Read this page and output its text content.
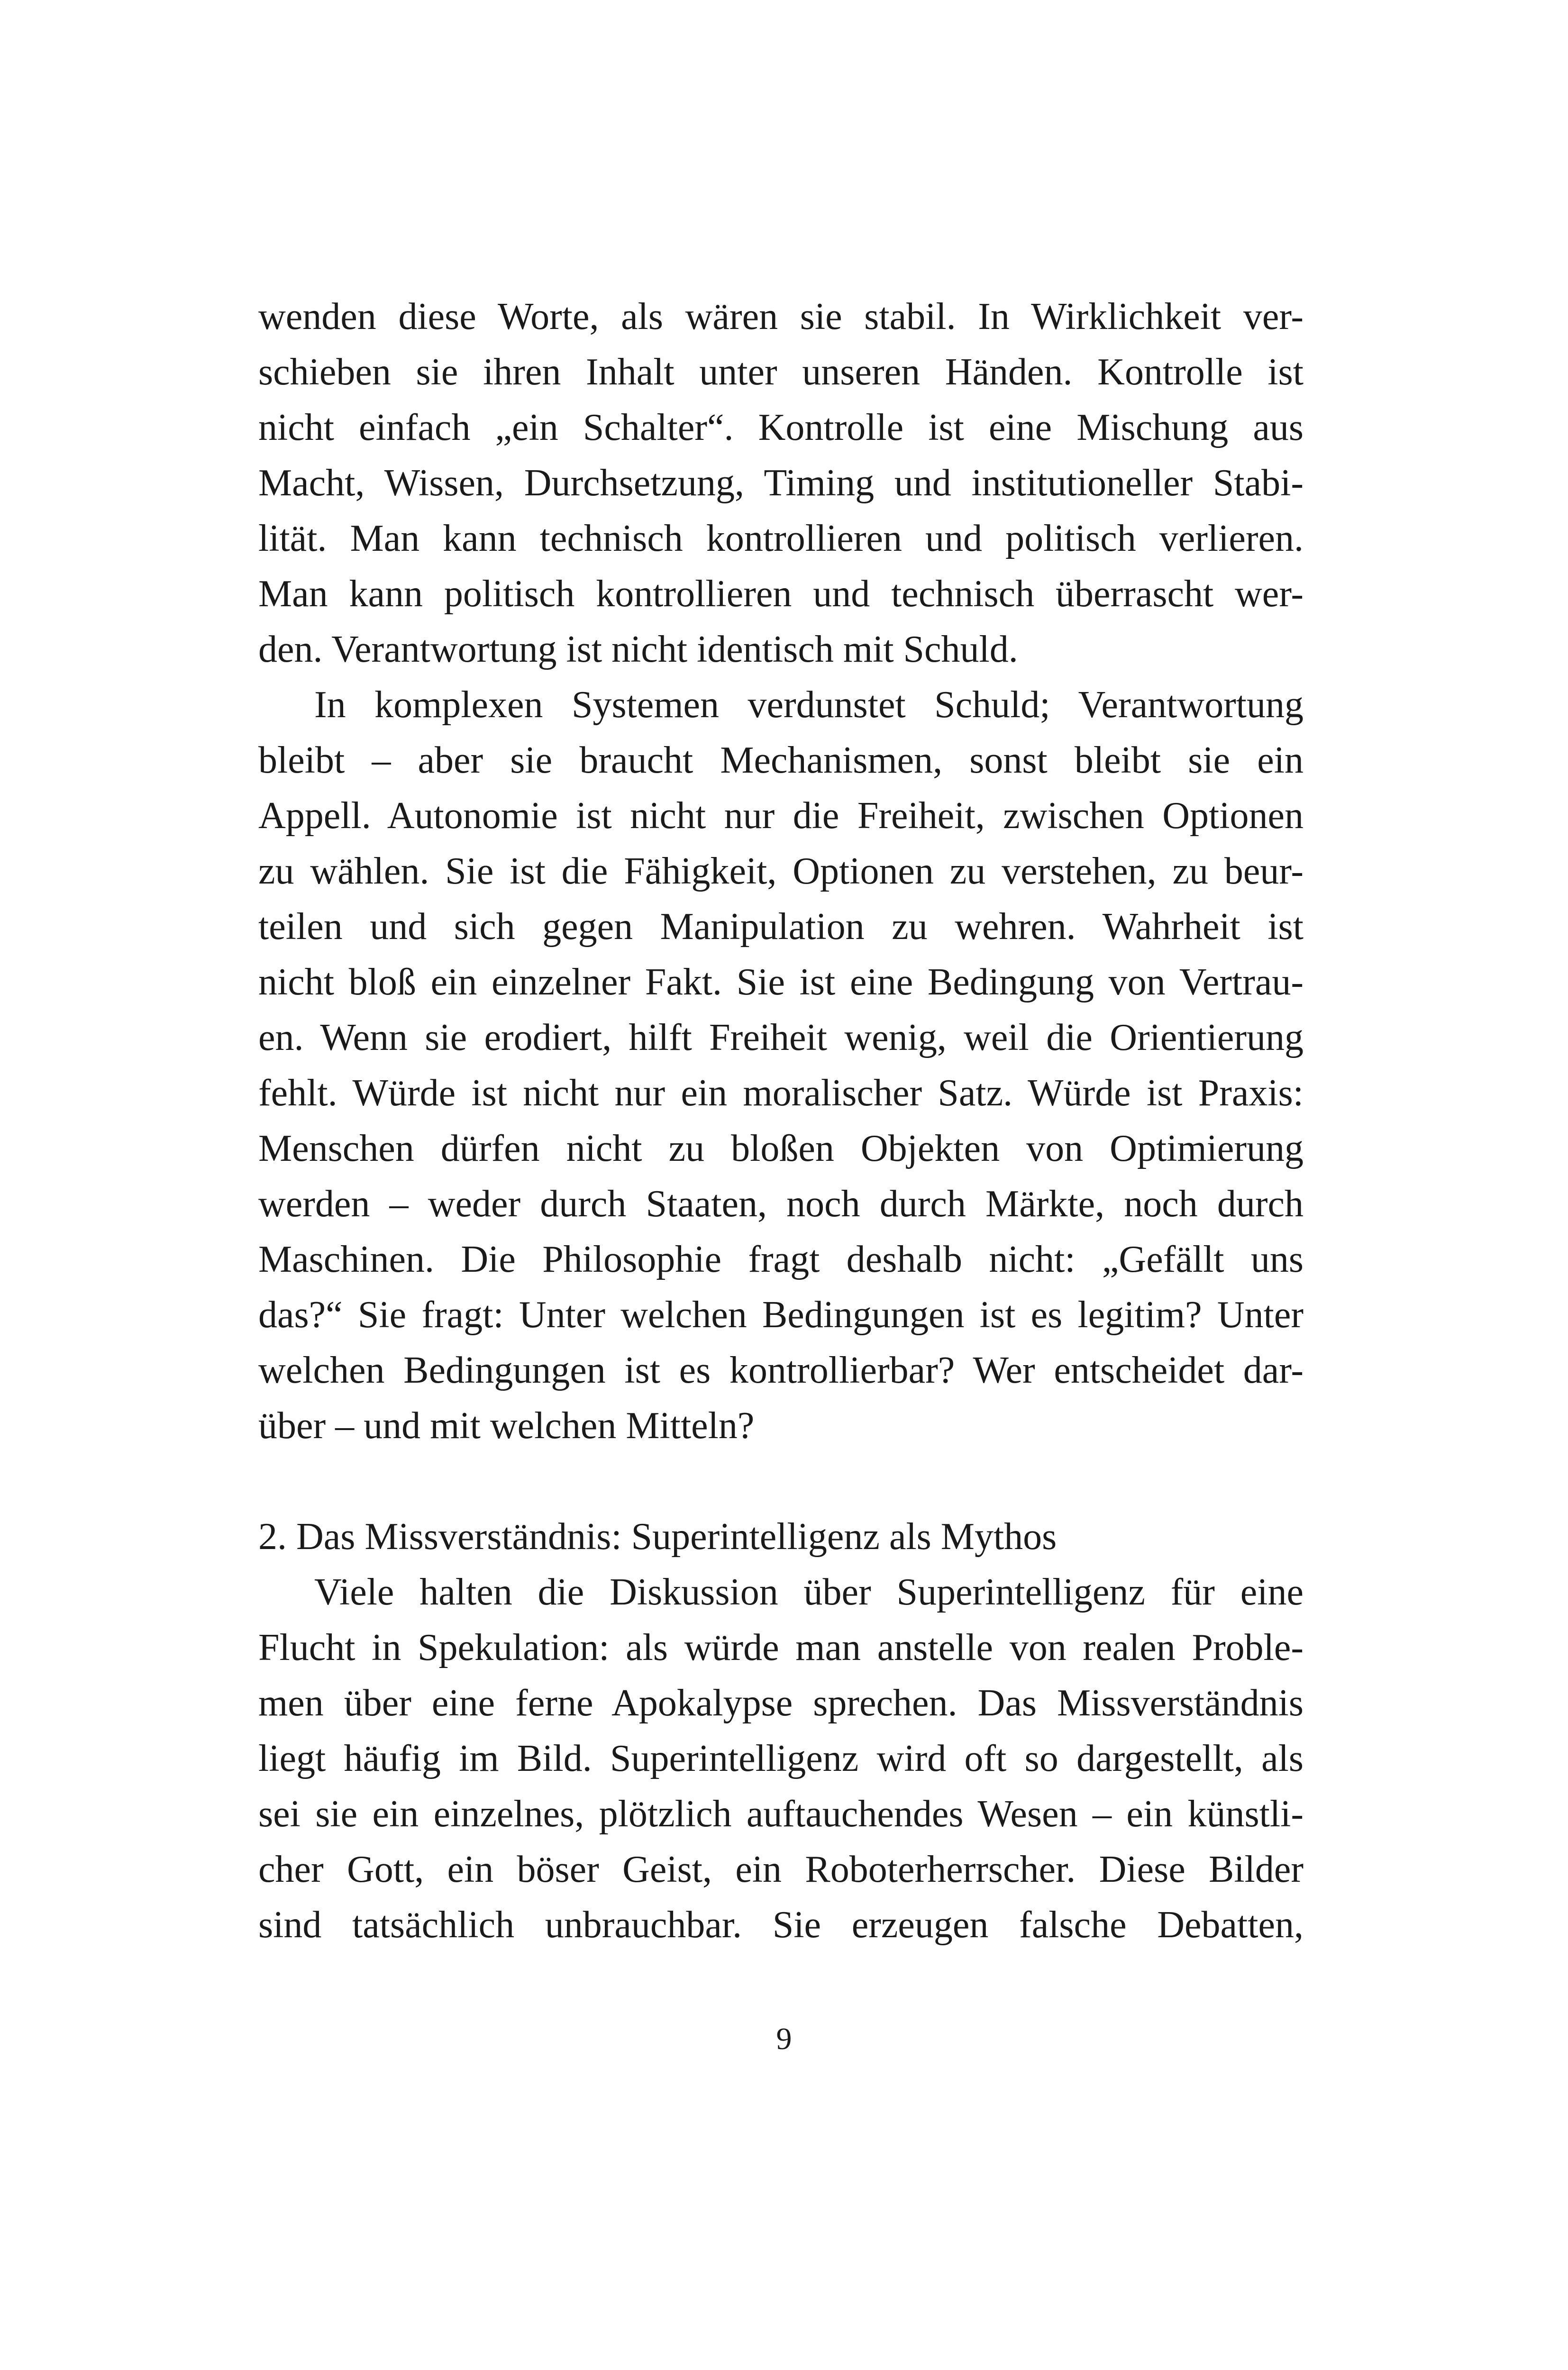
wenden diese Worte, als wären sie stabil. In Wirklichkeit ver-
schieben sie ihren Inhalt unter unseren Händen. Kontrolle ist
nicht einfach „ein Schalter“. Kontrolle ist eine Mischung aus
Macht, Wissen, Durchsetzung, Timing und institutioneller Stabi-
lität. Man kann technisch kontrollieren und politisch verlieren.
Man kann politisch kontrollieren und technisch überrascht wer-
den. Verantwortung ist nicht identisch mit Schuld.
In komplexen Systemen verdunstet Schuld; Verantwortung
bleibt – aber sie braucht Mechanismen, sonst bleibt sie ein
Appell. Autonomie ist nicht nur die Freiheit, zwischen Optionen
zu wählen. Sie ist die Fähigkeit, Optionen zu verstehen, zu beur-
teilen und sich gegen Manipulation zu wehren. Wahrheit ist
nicht bloß ein einzelner Fakt. Sie ist eine Bedingung von Vertrau-
en. Wenn sie erodiert, hilft Freiheit wenig, weil die Orientierung
fehlt. Würde ist nicht nur ein moralischer Satz. Würde ist Praxis:
Menschen dürfen nicht zu bloßen Objekten von Optimierung
werden – weder durch Staaten, noch durch Märkte, noch durch
Maschinen. Die Philosophie fragt deshalb nicht: „Gefällt uns
das?“ Sie fragt: Unter welchen Bedingungen ist es legitim? Unter
welchen Bedingungen ist es kontrollierbar? Wer entscheidet dar-
über – und mit welchen Mitteln?
2. Das Missverständnis: Superintelligenz als Mythos
Viele halten die Diskussion über Superintelligenz für eine
Flucht in Spekulation: als würde man anstelle von realen Proble-
men über eine ferne Apokalypse sprechen. Das Missverständnis
liegt häufig im Bild. Superintelligenz wird oft so dargestellt, als
sei sie ein einzelnes, plötzlich auftauchendes Wesen – ein künstli-
cher Gott, ein böser Geist, ein Roboterherrscher. Diese Bilder
sind tatsächlich unbrauchbar. Sie erzeugen falsche Debatten,
9
